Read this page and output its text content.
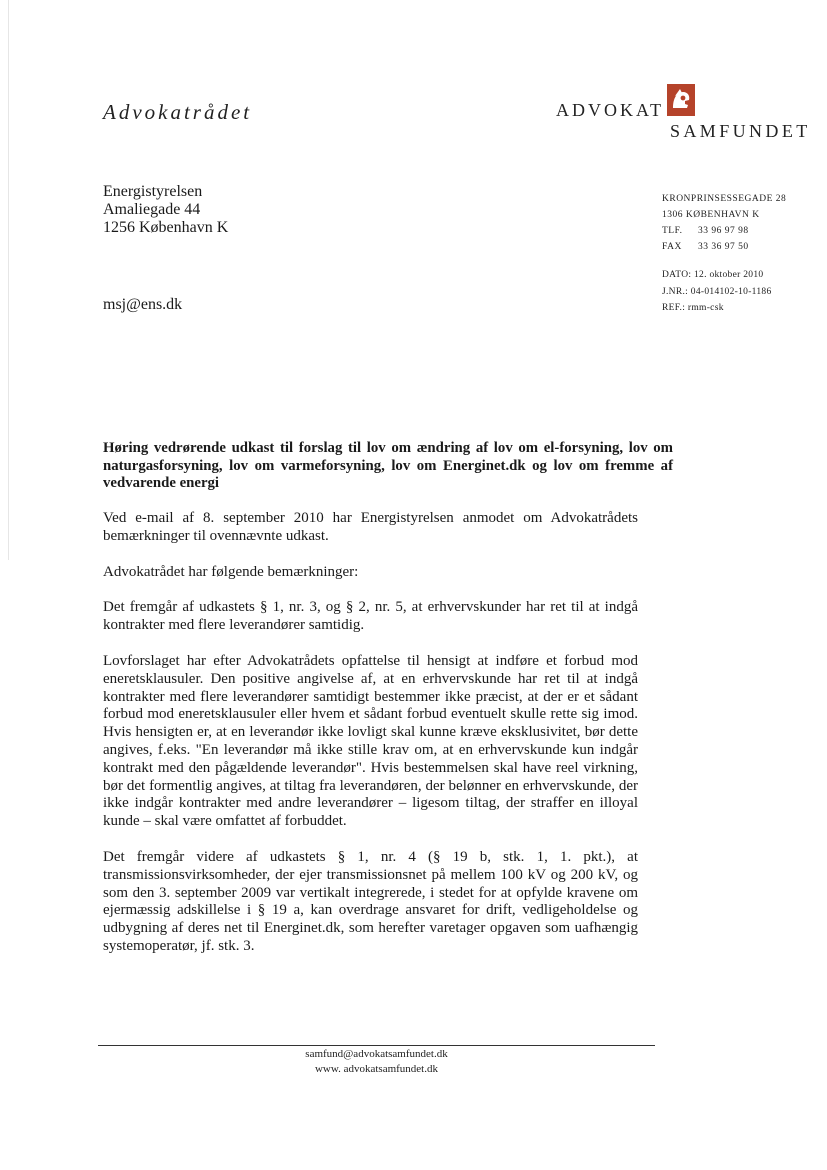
Advokatrådet	ADVOKAT
SAMFUNDET
Energistyrelsen
Amaliegade 44
1256 København K
msj@ens.dk
KRONPRINSESSEGADE 28
1306 KØBENHAVN K
TLF. 33 96 97 98
FAX 33 36 97 50
DATO: 12. oktober 2010
J.NR.: 04-014102-10-1186
REF.: rmm-csk
Høring vedrørende udkast til forslag til lov om ændring af lov om el-forsyning, lov om naturgasforsyning, lov om varmeforsyning, lov om Energinet.dk og lov om fremme af vedvarende energi

Ved e-mail af 8. september 2010 har Energistyrelsen anmodet om Advokatrådets bemærkninger til ovennævnte udkast.

Advokatrådet har følgende bemærkninger:

Det fremgår af udkastets § 1, nr. 3, og § 2, nr. 5, at erhvervskunder har ret til at indgå kontrakter med flere leverandører samtidig.

Lovforslaget har efter Advokatrådets opfattelse til hensigt at indføre et forbud mod eneretsklausuler. Den positive angivelse af, at en erhvervskunde har ret til at indgå kontrakter med flere leverandører samtidigt bestemmer ikke præcist, at der er et sådant forbud mod eneretsklausuler eller hvem et sådant forbud eventuelt skulle rette sig imod. Hvis hensigten er, at en leverandør ikke lovligt skal kunne kræve eksklusivitet, bør dette angives, f.eks. "En leverandør må ikke stille krav om, at en erhvervskunde kun indgår kontrakt med den pågældende leverandør". Hvis bestemmelsen skal have reel virkning, bør det formentlig angives, at tiltag fra leverandøren, der belønner en erhvervskunde, der ikke indgår kontrakter med andre leverandører – ligesom tiltag, der straffer en illoyal kunde – skal være omfattet af forbuddet.

Det fremgår videre af udkastets § 1, nr. 4 (§ 19 b, stk. 1, 1. pkt.), at transmissionsvirksomheder, der ejer transmissionsnet på mellem 100 kV og 200 kV, og som den 3. september 2009 var vertikalt integrerede, i stedet for at opfylde kravene om ejermæssig adskillelse i § 19 a, kan overdrage ansvaret for drift, vedligeholdelse og udbygning af deres net til Energinet.dk, som herefter varetager opgaven som uafhængig systemoperatør, jf. stk. 3.

samfund@advokatsamfundet.dk
www. advokatsamfundet.dk
